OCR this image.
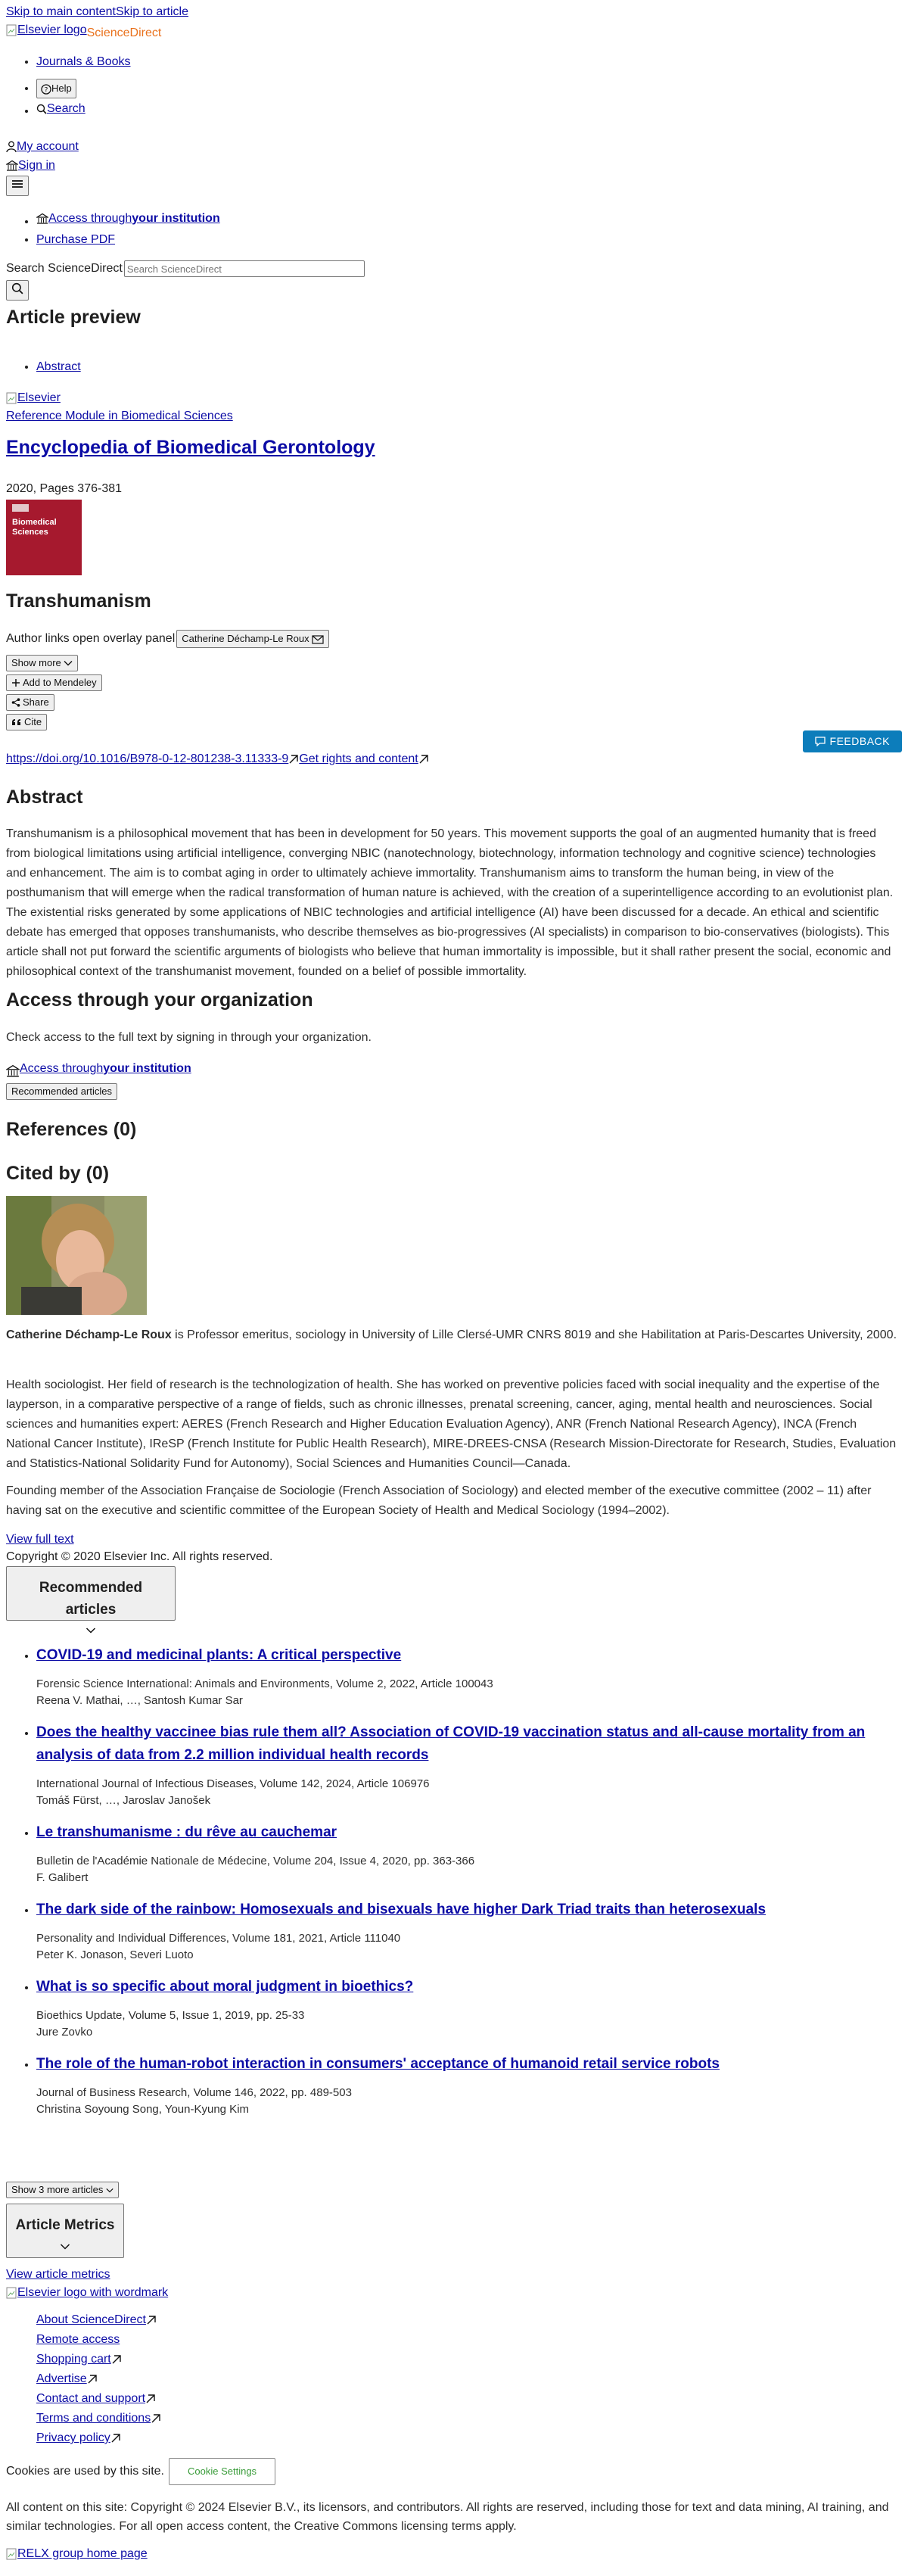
Skip to main contentSkip to article
Elsevier logo ScienceDirect
• Journals & Books
• ? Help
• Search
My account
Sign in
• Access through your institution
• Purchase PDF
Search ScienceDirect
Search ScienceDirect
Article preview
• Abstract
Elsevier
Reference Module in Biomedical Sciences
Encyclopedia of Biomedical Gerontology
2020, Pages 376-381
Biomedical Sciences
Transhumanism
Author links open overlay panel Catherine Déchamp-Le Roux
Show more
Add to Mendeley
Share
Cite
https://doi.org/10.1016/B978-0-12-801238-3.11333-9 Get rights and content
FEEDBACK
Abstract

Transhumanism is a philosophical movement that has been in development for 50 years. This movement supports the goal of an augmented humanity that is freed from biological limitations using artificial intelligence, converging NBIC (nanotechnology, biotechnology, information technology and cognitive science) technologies and enhancement. The aim is to combat aging in order to ultimately achieve immortality. Transhumanism aims to transform the human being, in view of the posthumanism that will emerge when the radical transformation of human nature is achieved, with the creation of a superintelligence according to an evolutionist plan. The existential risks generated by some applications of NBIC technologies and artificial intelligence (AI) have been discussed for a decade. An ethical and scientific debate has emerged that opposes transhumanists, who describe themselves as bio-progressives (AI specialists) in comparison to bio-conservatives (biologists). This article shall not put forward the scientific arguments of biologists who believe that human immortality is impossible, but it shall rather present the social, economic and philosophical context of the transhumanist movement, founded on a belief of possible immortality.

Access through your organization

Check access to the full text by signing in through your organization.

Access through your institution
Recommended articles
References (0)
Cited by (0)

Catherine Déchamp-Le Roux is Professor emeritus, sociology in University of Lille Clersé-UMR CNRS 8019 and she Habilitation at Paris-Descartes University, 2000.

Health sociologist. Her field of research is the technologization of health. She has worked on preventive policies faced with social inequality and the expertise of the layperson, in a comparative perspective of a range of fields, such as chronic illnesses, prenatal screening, cancer, aging, mental health and neurosciences. Social sciences and humanities expert: AERES (French Research and Higher Education Evaluation Agency), ANR (French National Research Agency), INCA (French National Cancer Institute), IReSP (French Institute for Public Health Research), MIRE-DREES-CNSA (Research Mission-Directorate for Research, Studies, Evaluation and Statistics-National Solidarity Fund for Autonomy), Social Sciences and Humanities Council—Canada.

Founding member of the Association Française de Sociologie (French Association of Sociology) and elected member of the executive committee (2002 – 11) after having sat on the executive and scientific committee of the European Society of Health and Medical Sociology (1994–2002).

View full text
Copyright © 2020 Elsevier Inc. All rights reserved.
Recommended articles
• COVID-19 and medicinal plants: A critical perspective
Forensic Science International: Animals and Environments, Volume 2, 2022, Article 100043
Reena V. Mathai, …, Santosh Kumar Sar
• Does the healthy vaccinee bias rule them all? Association of COVID-19 vaccination status and all-cause mortality from an analysis of data from 2.2 million individual health records
International Journal of Infectious Diseases, Volume 142, 2024, Article 106976
Tomáš Fürst, …, Jaroslav Janošek
• Le transhumanisme : du rêve au cauchemar
Bulletin de l'Académie Nationale de Médecine, Volume 204, Issue 4, 2020, pp. 363-366
F. Galibert
• The dark side of the rainbow: Homosexuals and bisexuals have higher Dark Triad traits than heterosexuals
Personality and Individual Differences, Volume 181, 2021, Article 111040
Peter K. Jonason, Severi Luoto
• What is so specific about moral judgment in bioethics?
Bioethics Update, Volume 5, Issue 1, 2019, pp. 25-33
Jure Zovko
• The role of the human-robot interaction in consumers' acceptance of humanoid retail service robots
Journal of Business Research, Volume 146, 2022, pp. 489-503
Christina Soyoung Song, Youn-Kyung Kim
Show 3 more articles
Article Metrics
View article metrics
Elsevier logo with wordmark
About ScienceDirect
Remote access
Shopping cart
Advertise
Contact and support
Terms and conditions
Privacy policy
Cookies are used by this site.	Cookie Settings

All content on this site: Copyright © 2024 Elsevier B.V., its licensors, and contributors. All rights are reserved, including those for text and data mining, AI training, and similar technologies. For all open access content, the Creative Commons licensing terms apply.

RELX group home page
